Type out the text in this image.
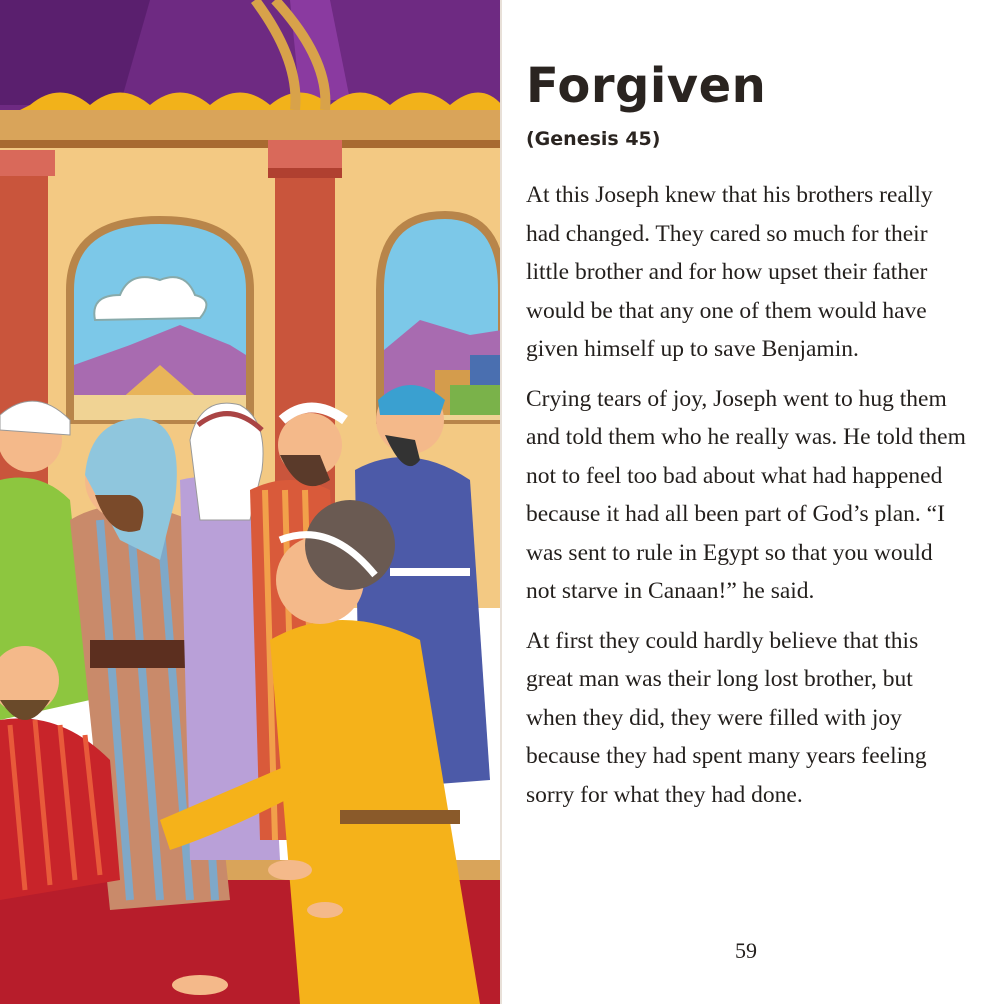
Forgiven
(Genesis 45)

At this Joseph knew that his brothers really had changed. They cared so much for their little brother and for how upset their father would be that any one of them would have given himself up to save Benjamin.

Crying tears of joy, Joseph went to hug them and told them who he really was. He told them not to feel too bad about what had happened because it had all been part of God’s plan. “I was sent to rule in Egypt so that you would not starve in Canaan!” he said.

At first they could hardly believe that this great man was their long lost brother, but when they did, they were filled with joy because they had spent many years feeling sorry for what they had done.

59
